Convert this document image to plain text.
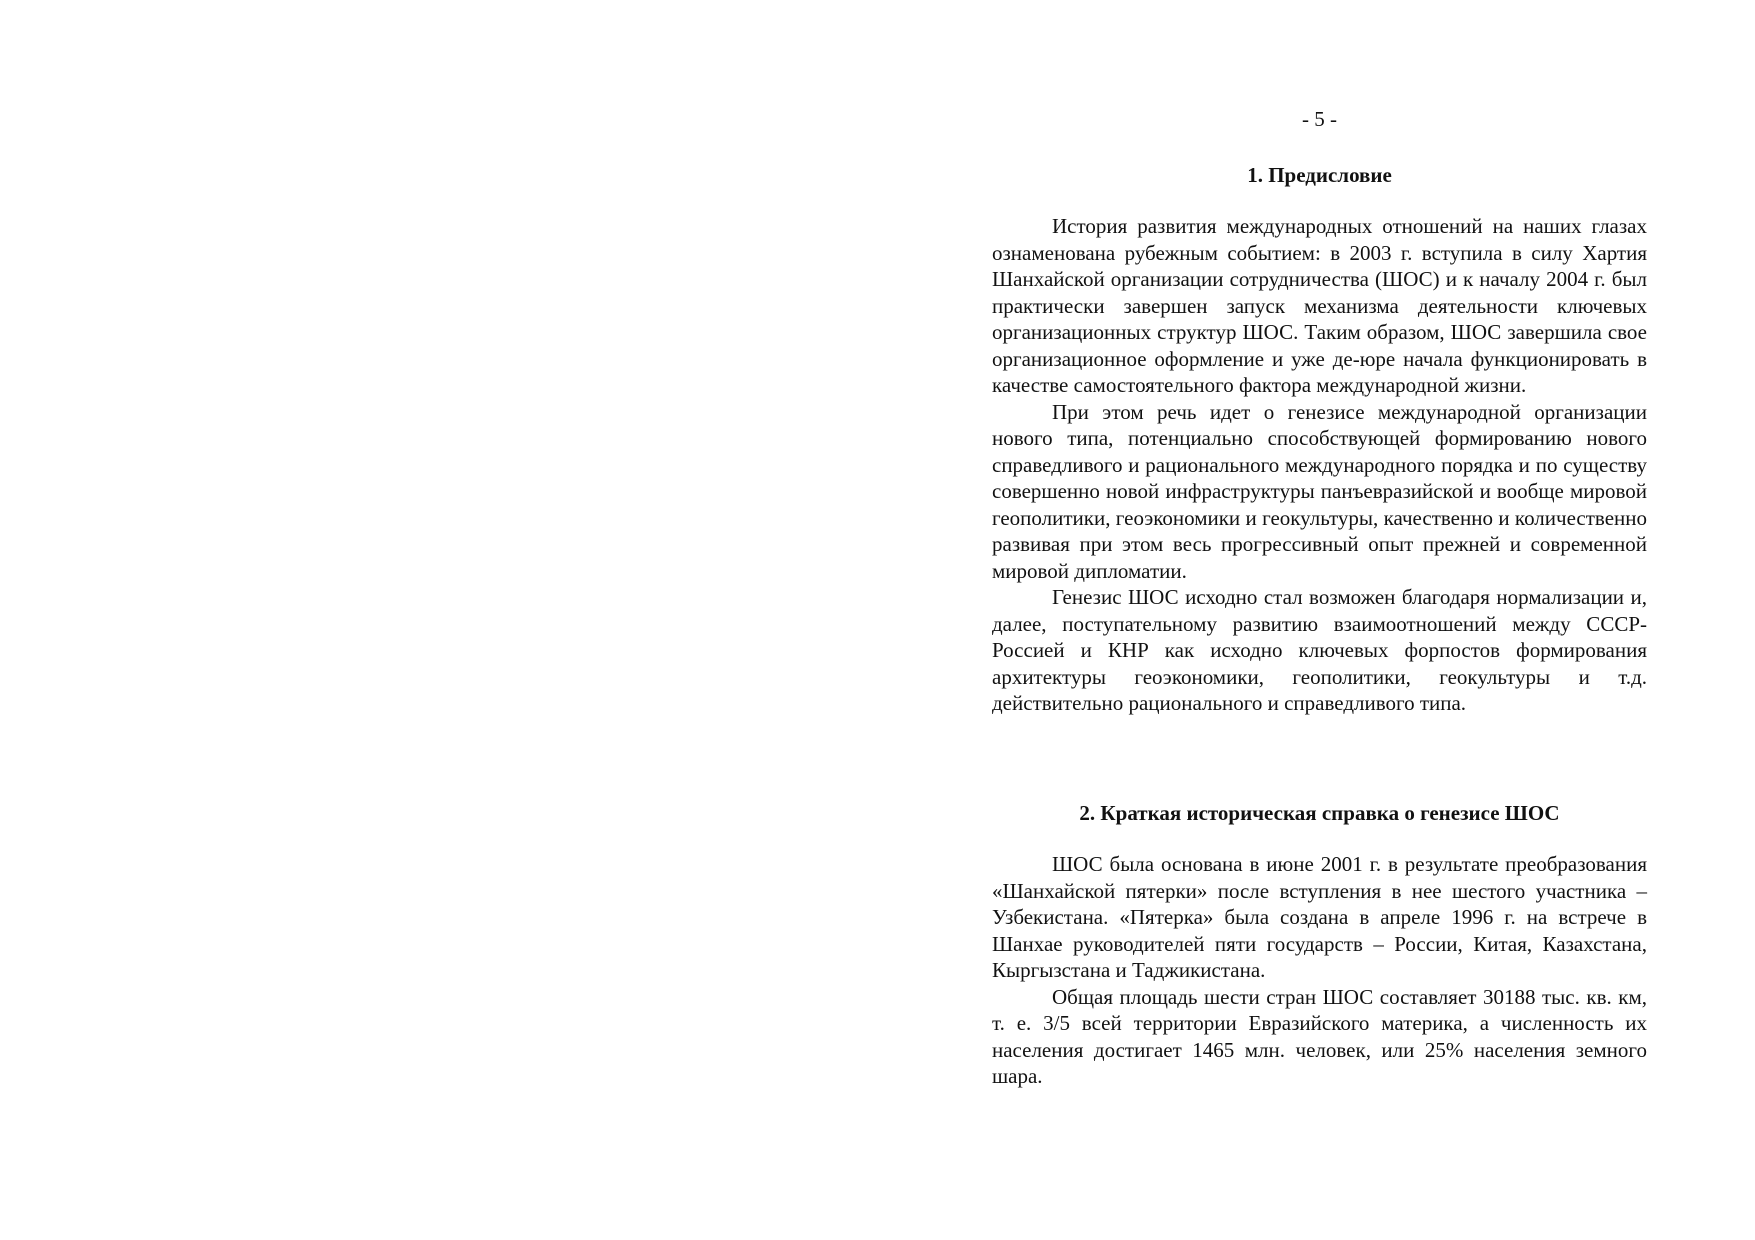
- 5 -
1. Предисловие

История развития международных отношений на наших глазах ознаменована рубежным событием: в 2003 г. вступила в силу Хартия Шанхайской организации сотрудничества (ШОС) и к началу 2004 г. был практически завершен запуск механизма деятельности ключевых организационных структур ШОС. Таким образом, ШОС завершила свое организационное оформление и уже де-юре начала функционировать в качестве самостоятельного фактора международной жизни.

При этом речь идет о генезисе международной организации нового типа, потенциально способствующей формированию нового справедливого и рационального международного порядка и по существу совершенно новой инфраструктуры панъевразийской и вообще мировой геополитики, геоэкономики и геокультуры, качественно и количественно развивая при этом весь прогрессивный опыт прежней и современной мировой дипломатии.

Генезис ШОС исходно стал возможен благодаря нормализации и, далее, поступательному развитию взаимоотношений между СССР-Россией и КНР как исходно ключевых форпостов формирования архитектуры геоэкономики, геополитики, геокультуры и т.д. действительно рационального и справедливого типа.

2. Краткая историческая справка о генезисе ШОС

ШОС была основана в июне 2001 г. в результате преобразования «Шанхайской пятерки» после вступления в нее шестого участника – Узбекистана. «Пятерка» была создана в апреле 1996 г. на встрече в Шанхае руководителей пяти государств – России, Китая, Казахстана, Кыргызстана и Таджикистана.

Общая площадь шести стран ШОС составляет 30188 тыс. кв. км, т. е. 3/5 всей территории Евразийского материка, а численность их населения достигает 1465 млн. человек, или 25% населения земного шара.
